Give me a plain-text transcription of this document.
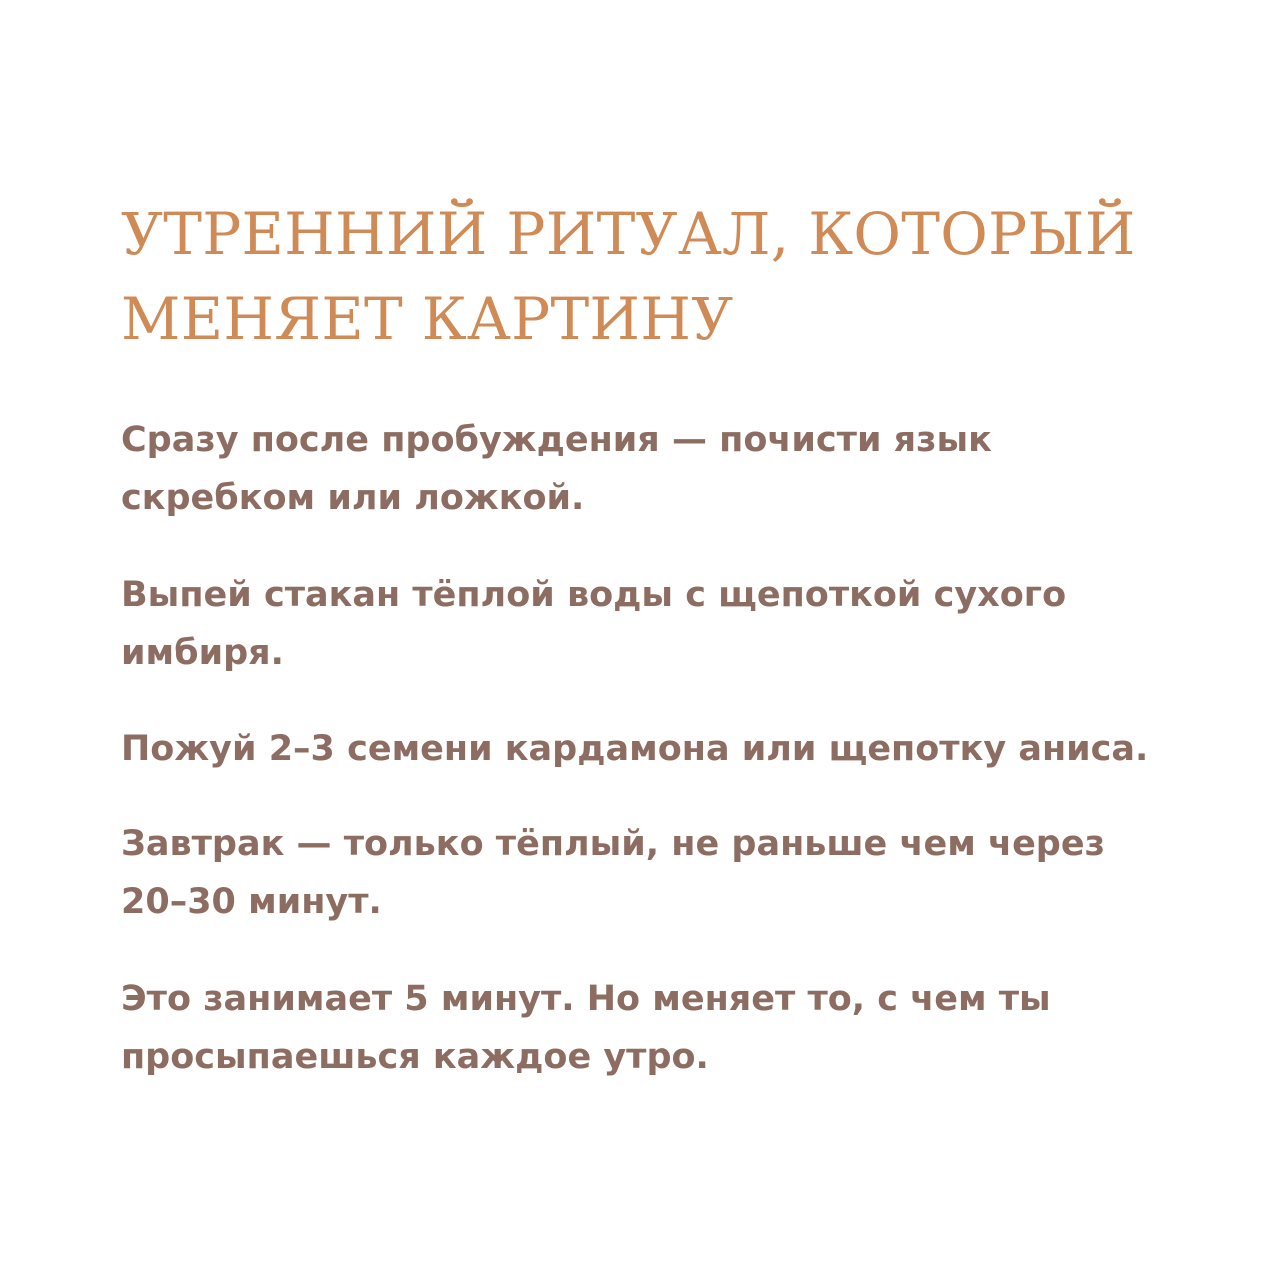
УТРЕННИЙ РИТУАЛ, КОТОРЫЙ
МЕНЯЕТ КАРТИНУ

Сразу после пробуждения — почисти язык
скребком или ложкой.

Выпей стакан тёплой воды с щепоткой сухого
имбиря.

Пожуй 2–3 семени кардамона или щепотку аниса.

Завтрак — только тёплый, не раньше чем через
20–30 минут.

Это занимает 5 минут. Но меняет то, с чем ты
просыпаешься каждое утро.
